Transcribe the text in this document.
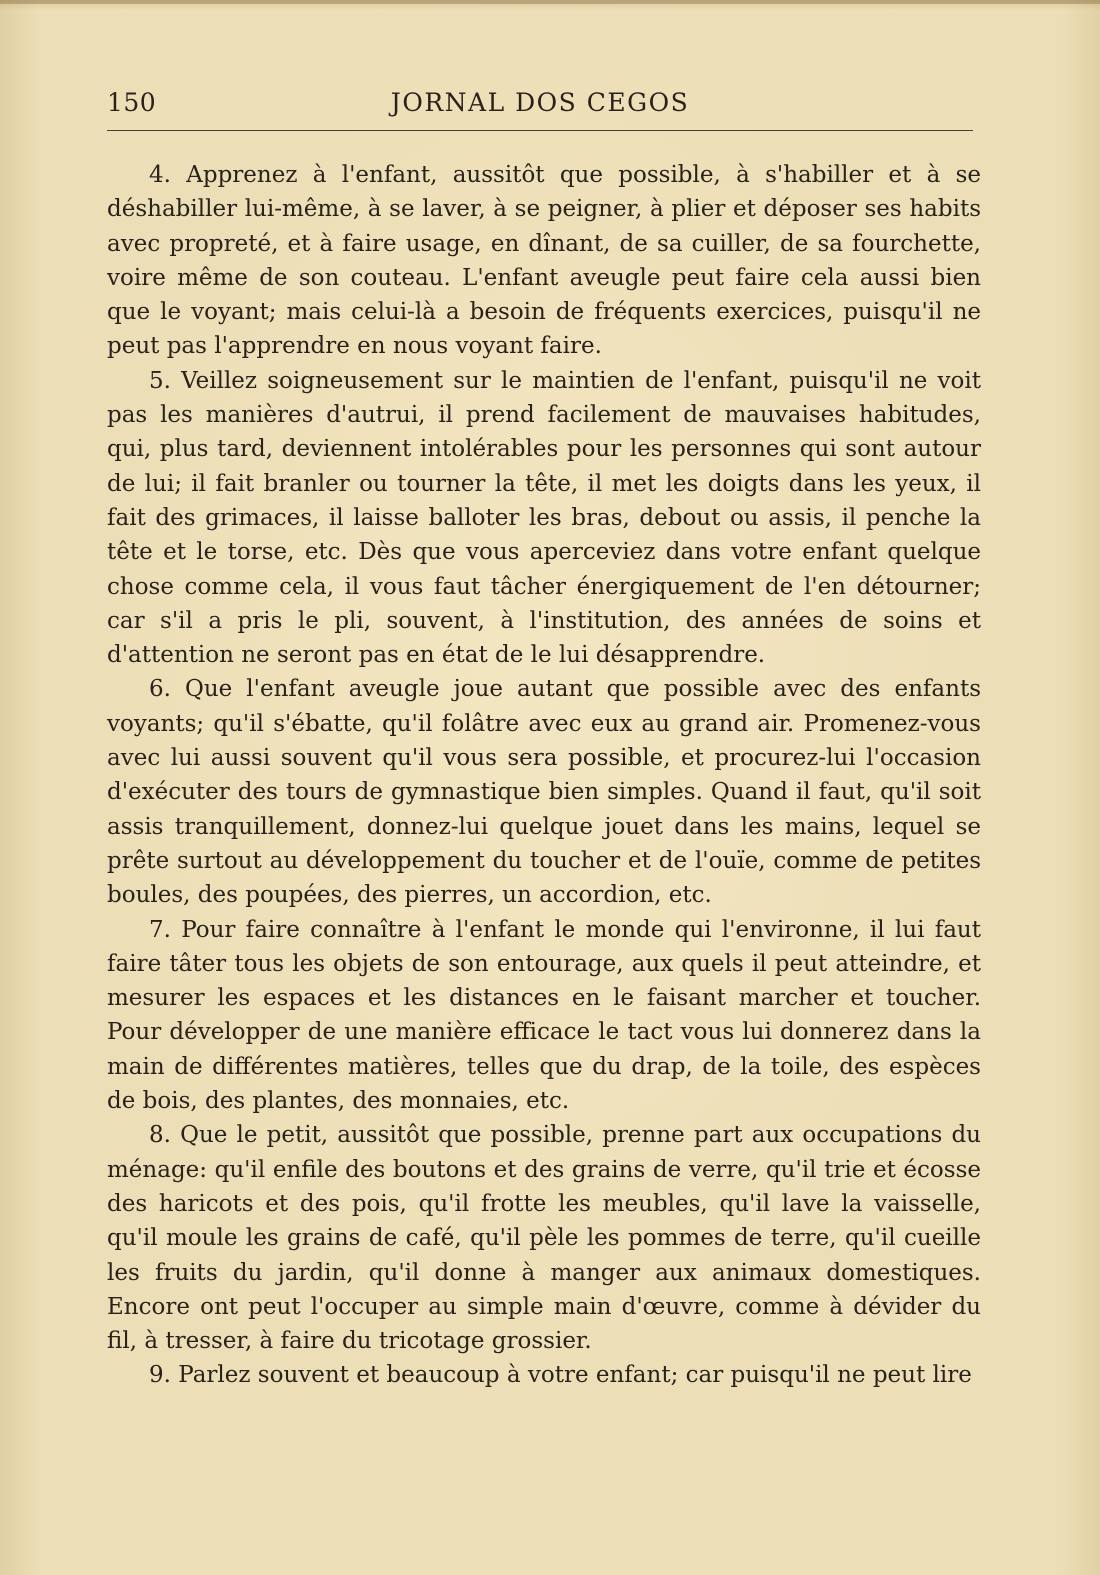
150	JORNAL DOS CEGOS

4. Apprenez à l'enfant, aussitôt que possible, à s'habiller et à se déshabiller lui-même, à se laver, à se peigner, à plier et déposer ses habits avec propreté, et à faire usage, en dînant, de sa cuiller, de sa fourchette, voire même de son couteau. L'enfant aveugle peut faire cela aussi bien que le voyant; mais celui-là a besoin de fréquents exercices, puisqu'il ne peut pas l'apprendre en nous voyant faire.

5. Veillez soigneusement sur le maintien de l'enfant, puisqu'il ne voit pas les manières d'autrui, il prend facilement de mauvaises habitudes, qui, plus tard, deviennent intolérables pour les personnes qui sont autour de lui; il fait branler ou tourner la tête, il met les doigts dans les yeux, il fait des grimaces, il laisse balloter les bras, debout ou assis, il penche la tête et le torse, etc. Dès que vous aperceviez dans votre enfant quelque chose comme cela, il vous faut tâcher énergiquement de l'en détourner; car s'il a pris le pli, souvent, à l'institution, des années de soins et d'attention ne seront pas en état de le lui désapprendre.

6. Que l'enfant aveugle joue autant que possible avec des enfants voyants; qu'il s'ébatte, qu'il folâtre avec eux au grand air. Promenez-vous avec lui aussi souvent qu'il vous sera possible, et procurez-lui l'occasion d'exécuter des tours de gymnastique bien simples. Quand il faut, qu'il soit assis tranquillement, donnez-lui quelque jouet dans les mains, lequel se prête surtout au développement du toucher et de l'ouïe, comme de petites boules, des poupées, des pierres, un accordion, etc.

7. Pour faire connaître à l'enfant le monde qui l'environne, il lui faut faire tâter tous les objets de son entourage, aux quels il peut atteindre, et mesurer les espaces et les distances en le faisant marcher et toucher. Pour développer de une manière efficace le tact vous lui donnerez dans la main de différentes matières, telles que du drap, de la toile, des espèces de bois, des plantes, des monnaies, etc.

8. Que le petit, aussitôt que possible, prenne part aux occupations du ménage: qu'il enfile des boutons et des grains de verre, qu'il trie et écosse des haricots et des pois, qu'il frotte les meubles, qu'il lave la vaisselle, qu'il moule les grains de café, qu'il pèle les pommes de terre, qu'il cueille les fruits du jardin, qu'il donne à manger aux animaux domestiques. Encore ont peut l'occuper au simple main d'œuvre, comme à dévider du fil, à tresser, à faire du tricotage grossier.

9. Parlez souvent et beaucoup à votre enfant; car puisqu'il ne peut lire
